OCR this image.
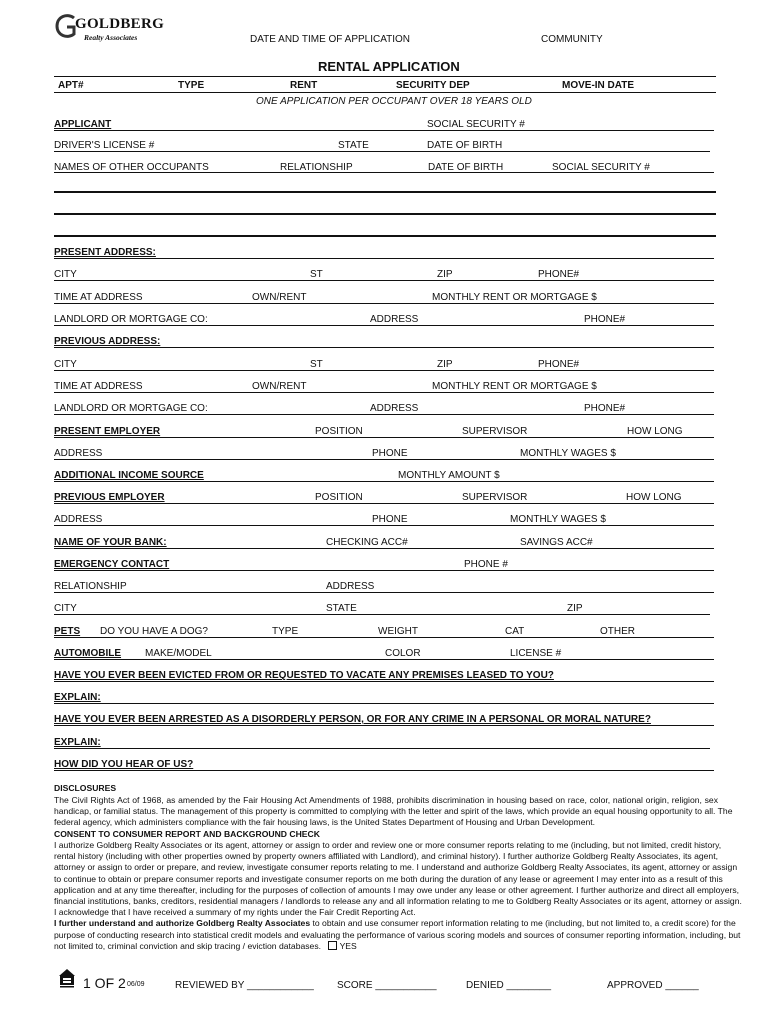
GOLDBERG
Realty Associates	DATE AND TIME OF APPLICATION	COMMUNITY
RENTAL APPLICATION
APT#	TYPE	RENT	SECURITY DEP	MOVE-IN DATE
ONE APPLICATION PER OCCUPANT OVER 18 YEARS OLD
APPLICANT	SOCIAL SECURITY #
DRIVER'S LICENSE #	STATE	DATE OF BIRTH
NAMES OF OTHER OCCUPANTS	RELATIONSHIP	DATE OF BIRTH	SOCIAL SECURITY #
PRESENT ADDRESS:
CITY	ST	ZIP	PHONE#
TIME AT ADDRESS	OWN/RENT	MONTHLY RENT OR MORTGAGE $
LANDLORD OR MORTGAGE CO:	ADDRESS	PHONE#
PREVIOUS ADDRESS:
CITY	ST	ZIP	PHONE#
TIME AT ADDRESS	OWN/RENT	MONTHLY RENT OR MORTGAGE $
LANDLORD OR MORTGAGE CO:	ADDRESS	PHONE#
PRESENT EMPLOYER	POSITION	SUPERVISOR	HOW LONG
ADDRESS	PHONE	MONTHLY WAGES $
ADDITIONAL INCOME SOURCE	MONTHLY AMOUNT $
PREVIOUS EMPLOYER	POSITION	SUPERVISOR	HOW LONG
ADDRESS	PHONE	MONTHLY WAGES $
NAME OF YOUR BANK:	CHECKING ACC#	SAVINGS ACC#
EMERGENCY CONTACT	PHONE #
RELATIONSHIP	ADDRESS
CITY	STATE	ZIP
PETS DO YOU HAVE A DOG?	TYPE	WEIGHT	CAT	OTHER
AUTOMOBILE MAKE/MODEL	COLOR	LICENSE #
HAVE YOU EVER BEEN EVICTED FROM OR REQUESTED TO VACATE ANY PREMISES LEASED TO YOU?
EXPLAIN:
HAVE YOU EVER BEEN ARRESTED AS A DISORDERLY PERSON, OR FOR ANY CRIME IN A PERSONAL OR MORAL NATURE?
EXPLAIN:
HOW DID YOU HEAR OF US?
DISCLOSURES
The Civil Rights Act of 1968, as amended by the Fair Housing Act Amendments of 1988, prohibits discrimination in housing based on race, color, national origin, religion, sex
handicap, or familial status. The management of this property is committed to complying with the letter and spirit of the laws, which provide an equal housing opportunity to all. The
federal agency, which administers compliance with the fair housing laws, is the United States Department of Housing and Urban Development.
CONSENT TO CONSUMER REPORT AND BACKGROUND CHECK
I authorize Goldberg Realty Associates or its agent, attorney or assign to order and review one or more consumer reports relating to me (including, but not limited, credit history,
rental history (including with other properties owned by property owners affiliated with Landlord), and criminal history). I further authorize Goldberg Realty Associates, its agent,
attorney or assign to order or prepare, and review, investigate consumer reports relating to me. I understand and authorize Goldberg Realty Associates, its agent, attorney or assign
to continue to obtain or prepare consumer reports and investigate consumer reports on me both during the duration of any lease or agreement I may enter into as a result of this
application and at any time thereafter, including for the purposes of collection of amounts I may owe under any lease or other agreement. I further authorize and direct all employers,
financial institutions, banks, creditors, residential managers / landlords to release any and all information relating to me to Goldberg Realty Associates or its agent, attorney or assign.
I acknowledge that I have received a summary of my rights under the Fair Credit Reporting Act.
I further understand and authorize Goldberg Realty Associates to obtain and use consumer report information relating to me (including, but not limited to, a credit score) for the
purpose of conducting research into statistical credit models and evaluating the performance of various scoring models and sources of consumer reporting information, including, but
not limited to, criminal conviction and skip tracing / eviction databases. YES
1 OF 2 06/09	REVIEWED BY ____________ SCORE ___________	DENIED ________	APPROVED ______
